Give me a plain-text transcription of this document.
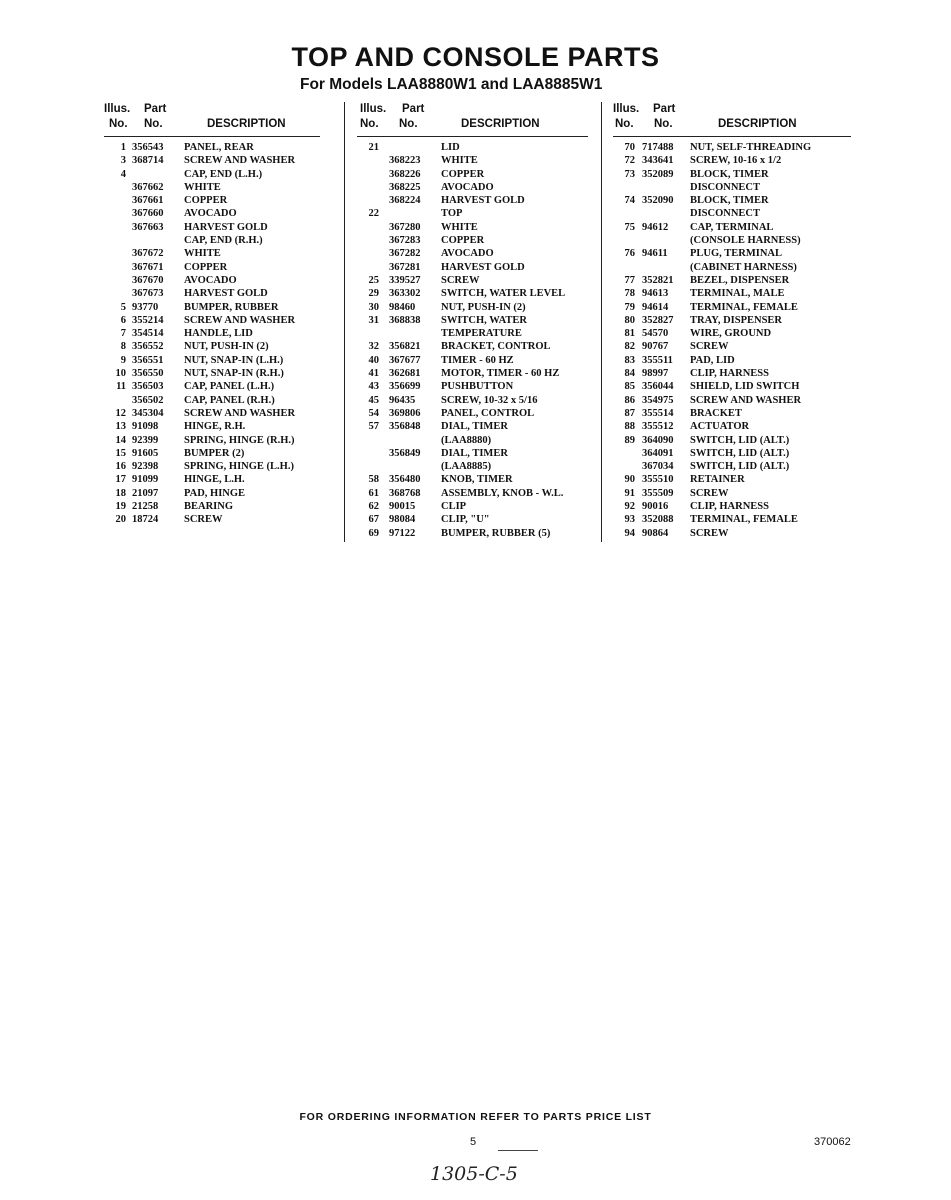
TOP AND CONSOLE PARTS
For Models LAA8880W1 and LAA8885W1
Illus. Part
No. No.	DESCRIPTION
1 356543 PANEL, REAR
3 368714 SCREW AND WASHER
4	CAP, END (L.H.)
367662 WHITE
367661 COPPER
367660 AVOCADO
367663 HARVEST GOLD
CAP, END (R.H.)
367672 WHITE
367671 COPPER
367670 AVOCADO
367673 HARVEST GOLD
5 93770 BUMPER, RUBBER
6 355214 SCREW AND WASHER
7 354514 HANDLE, LID
8 356552 NUT, PUSH-IN (2)
9 356551 NUT, SNAP-IN (L.H.)
10 356550 NUT, SNAP-IN (R.H.)
11 356503 CAP, PANEL (L.H.)
356502 CAP, PANEL (R.H.)
12 345304 SCREW AND WASHER
13 91098 HINGE, R.H.
14 92399 SPRING, HINGE (R.H.)
15 91605 BUMPER (2)
16 92398 SPRING, HINGE (L.H.)
17 91099 HINGE, L.H.
18 21097 PAD, HINGE
19 21258 BEARING
20 18724 SCREW
Illus. Part
No. No.	DESCRIPTION
21	LID
368223 WHITE
368226 COPPER
368225 AVOCADO
368224 HARVEST GOLD
22	TOP
367280 WHITE
367283 COPPER
367282 AVOCADO
367281 HARVEST GOLD
25 339527 SCREW
29 363302 SWITCH, WATER LEVEL
30 98460 NUT, PUSH-IN (2)
31 368838 SWITCH, WATER
TEMPERATURE
32 356821 BRACKET, CONTROL
40 367677 TIMER - 60 HZ
41 362681 MOTOR, TIMER - 60 HZ
43 356699 PUSHBUTTON
45 96435 SCREW, 10-32 x 5/16
54 369806 PANEL, CONTROL
57 356848 DIAL, TIMER
(LAA8880)
356849 DIAL, TIMER
(LAA8885)
58 356480 KNOB, TIMER
61 368768 ASSEMBLY, KNOB - W.L.
62 90015 CLIP
67 98084 CLIP, "U"
69 97122 BUMPER, RUBBER (5)
Illus. Part
No. No.	DESCRIPTION
70 717488 NUT, SELF-THREADING
72 343641 SCREW, 10-16 x 1/2
73 352089 BLOCK, TIMER
DISCONNECT
74 352090 BLOCK, TIMER
DISCONNECT
75 94612 CAP, TERMINAL
(CONSOLE HARNESS)
76 94611 PLUG, TERMINAL
(CABINET HARNESS)
77 352821 BEZEL, DISPENSER
78 94613 TERMINAL, MALE
79 94614 TERMINAL, FEMALE
80 352827 TRAY, DISPENSER
81 54570 WIRE, GROUND
82 90767 SCREW
83 355511 PAD, LID
84 98997 CLIP, HARNESS
85 356044 SHIELD, LID SWITCH
86 354975 SCREW AND WASHER
87 355514 BRACKET
88 355512 ACTUATOR
89 364090 SWITCH, LID (ALT.)
364091 SWITCH, LID (ALT.)
367034 SWITCH, LID (ALT.)
90 355510 RETAINER
91 355509 SCREW
92 90016 CLIP, HARNESS
93 352088 TERMINAL, FEMALE
94 90864 SCREW
FOR ORDERING INFORMATION REFER TO PARTS PRICE LIST
5	370062
1305-C-5
